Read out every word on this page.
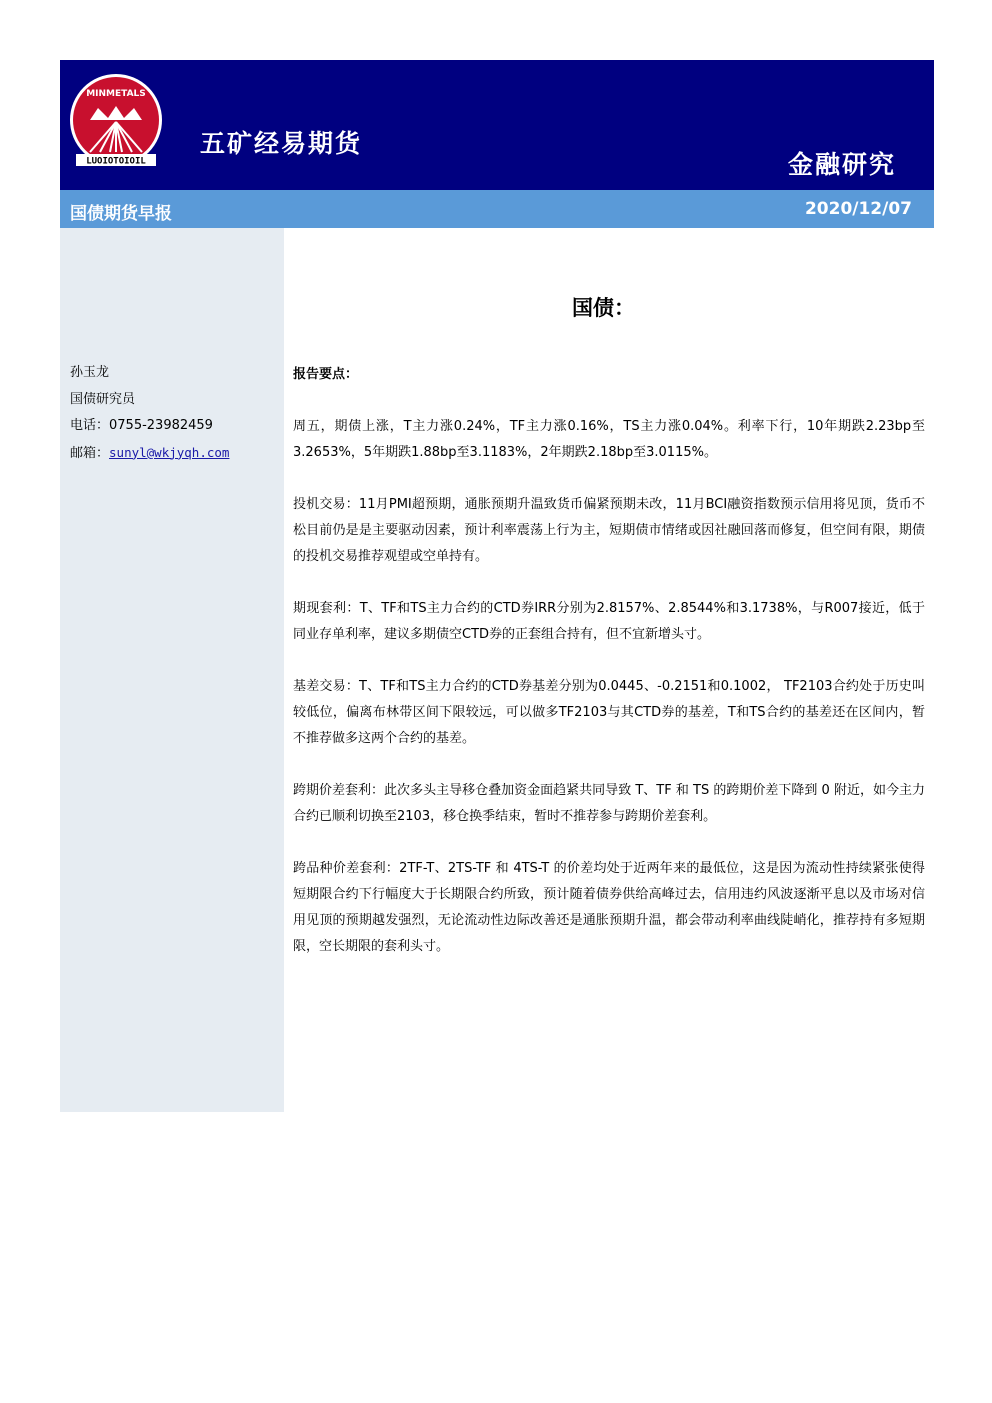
MINMETALS
LUOIOTOIOIL
五矿经易期货
金融研究
国债期货早报	2020/12/07
孙玉龙
国债研究员
电话：0755-23982459
邮箱：sunyl@wkjyqh.com
国债：
报告要点：

周五，期债上涨，T主力涨0.24%，TF主力涨0.16%，TS主力涨0.04%。利率下行，10年期跌2.23bp至3.2653%，5年期跌1.88bp至3.1183%，2年期跌2.18bp至3.0115%。

投机交易：11月PMI超预期，通胀预期升温致货币偏紧预期未改，11月BCI融资指数预示信用将见顶，货币不松目前仍是是主要驱动因素，预计利率震荡上行为主，短期债市情绪或因社融回落而修复，但空间有限，期债的投机交易推荐观望或空单持有。

期现套利：T、TF和TS主力合约的CTD券IRR分别为2.8157%、2.8544%和3.1738%，与R007接近，低于同业存单利率，建议多期债空CTD券的正套组合持有，但不宜新增头寸。

基差交易：T、TF和TS主力合约的CTD券基差分别为0.0445、-0.2151和0.1002， TF2103合约处于历史叫较低位，偏离布林带区间下限较远，可以做多TF2103与其CTD券的基差，T和TS合约的基差还在区间内，暂不推荐做多这两个合约的基差。

跨期价差套利：此次多头主导移仓叠加资金面趋紧共同导致 T、TF 和 TS 的跨期价差下降到 0 附近，如今主力合约已顺利切换至2103，移仓换季结束，暂时不推荐参与跨期价差套利。

跨品种价差套利：2TF-T、2TS-TF 和 4TS-T 的价差均处于近两年来的最低位，这是因为流动性持续紧张使得短期限合约下行幅度大于长期限合约所致，预计随着债券供给高峰过去，信用违约风波逐渐平息以及市场对信用见顶的预期越发强烈，无论流动性边际改善还是通胀预期升温，都会带动利率曲线陡峭化，推荐持有多短期限，空长期限的套利头寸。
